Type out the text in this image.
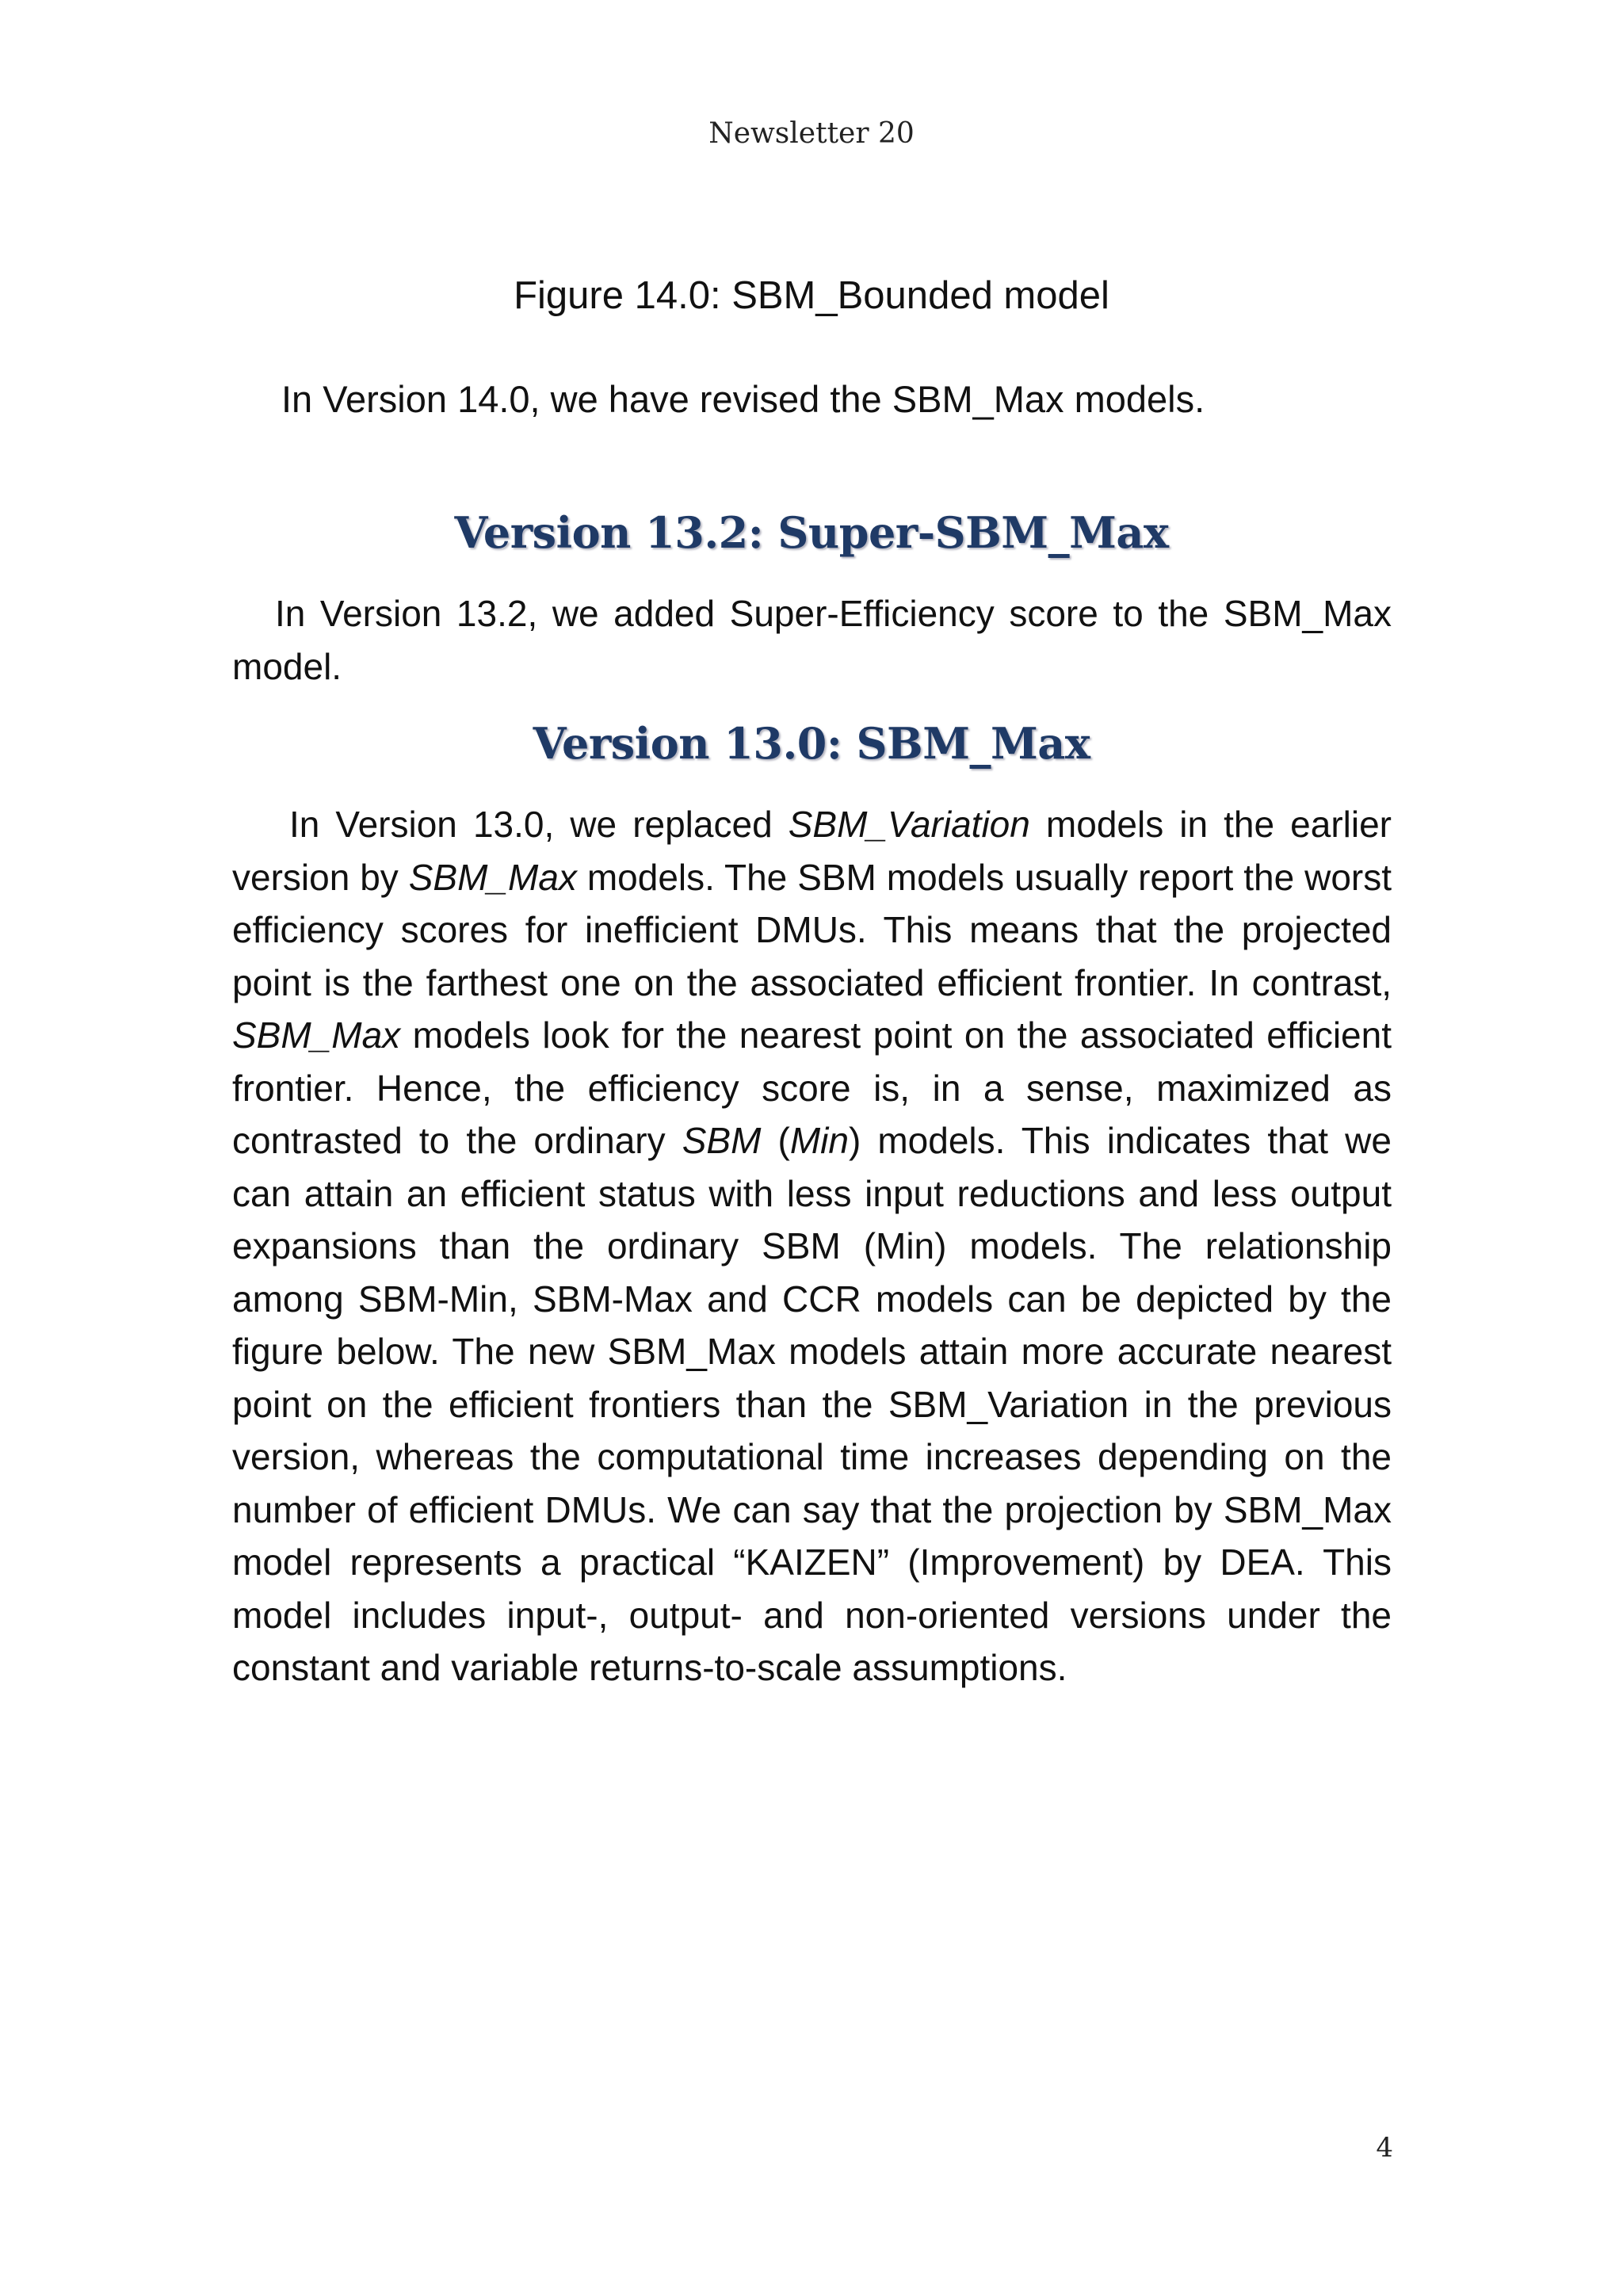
Newsletter 20
Figure 14.0: SBM_Bounded model
In Version 14.0, we have revised the SBM_Max models.
Version 13.2: Super-SBM_Max

In Version 13.2, we added Super-Efficiency score to the SBM_Max model.

Version 13.0: SBM_Max

In Version 13.0, we replaced SBM_Variation models in the earlier version by SBM_Max models. The SBM models usually report the worst efficiency scores for inefficient DMUs. This means that the projected point is the farthest one on the associated efficient frontier. In contrast, SBM_Max models look for the nearest point on the associated efficient frontier. Hence, the efficiency score is, in a sense, maximized as contrasted to the ordinary SBM (Min) models. This indicates that we can attain an efficient status with less input reductions and less output expansions than the ordinary SBM (Min) models. The relationship among SBM-Min, SBM-Max and CCR models can be depicted by the figure below. The new SBM_Max models attain more accurate nearest point on the efficient frontiers than the SBM_Variation in the previous version, whereas the computational time increases depending on the number of efficient DMUs. We can say that the projection by SBM_Max model represents a practical “KAIZEN” (Improvement) by DEA. This model includes input-, output- and non-oriented versions under the constant and variable returns-to-scale assumptions.

4
